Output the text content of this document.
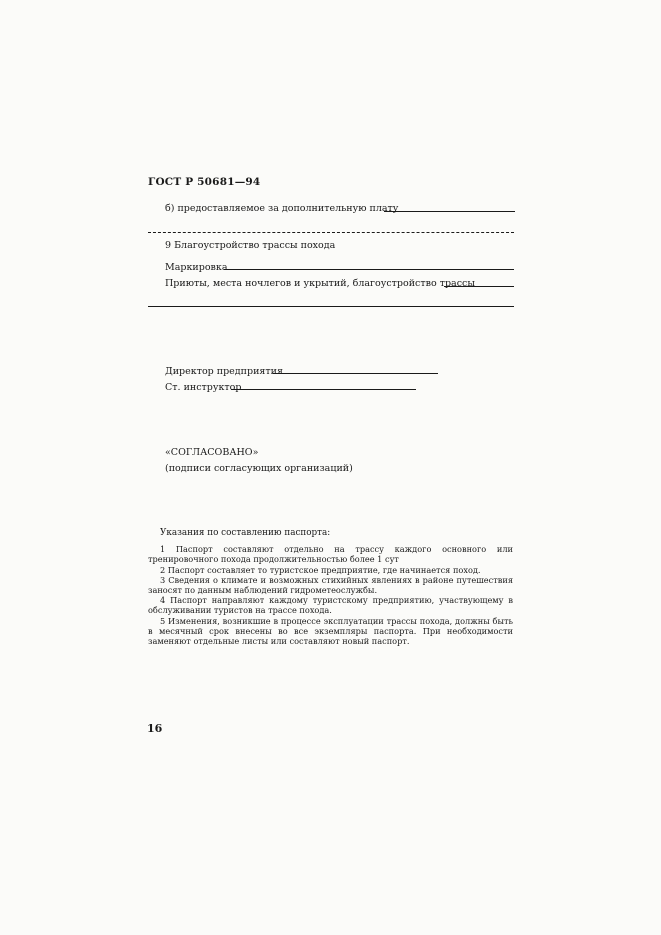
ГОСТ Р 50681—94
б) предоставляемое за дополнительную плату
9 Благоустройство трассы похода
Маркировка
Приюты, места ночлегов и укрытий, благоустройство трассы
Директор предприятия
Ст. инструктор
«СОГЛАСОВАНО»
(подписи согласующих организаций)

Указания по составлению паспорта:

1 Паспорт составляют отдельно на трассу каждого основного или тренировочного похода продолжительностью более 1 сут

2 Паспорт составляет то туристское предприятие, где начинается поход.

3 Сведения о климате и возможных стихийных явлениях в районе путешествия заносят по данным наблюдений гидрометеослужбы.

4 Паспорт направляют каждому туристскому предприятию, участвующему в обслуживании туристов на трассе похода.

5 Изменения, возникшие в процессе эксплуатации трассы похода, должны быть в месячный срок внесены во все экземпляры паспорта. При необходимости заменяют отдельные листы или составляют новый паспорт.

16
